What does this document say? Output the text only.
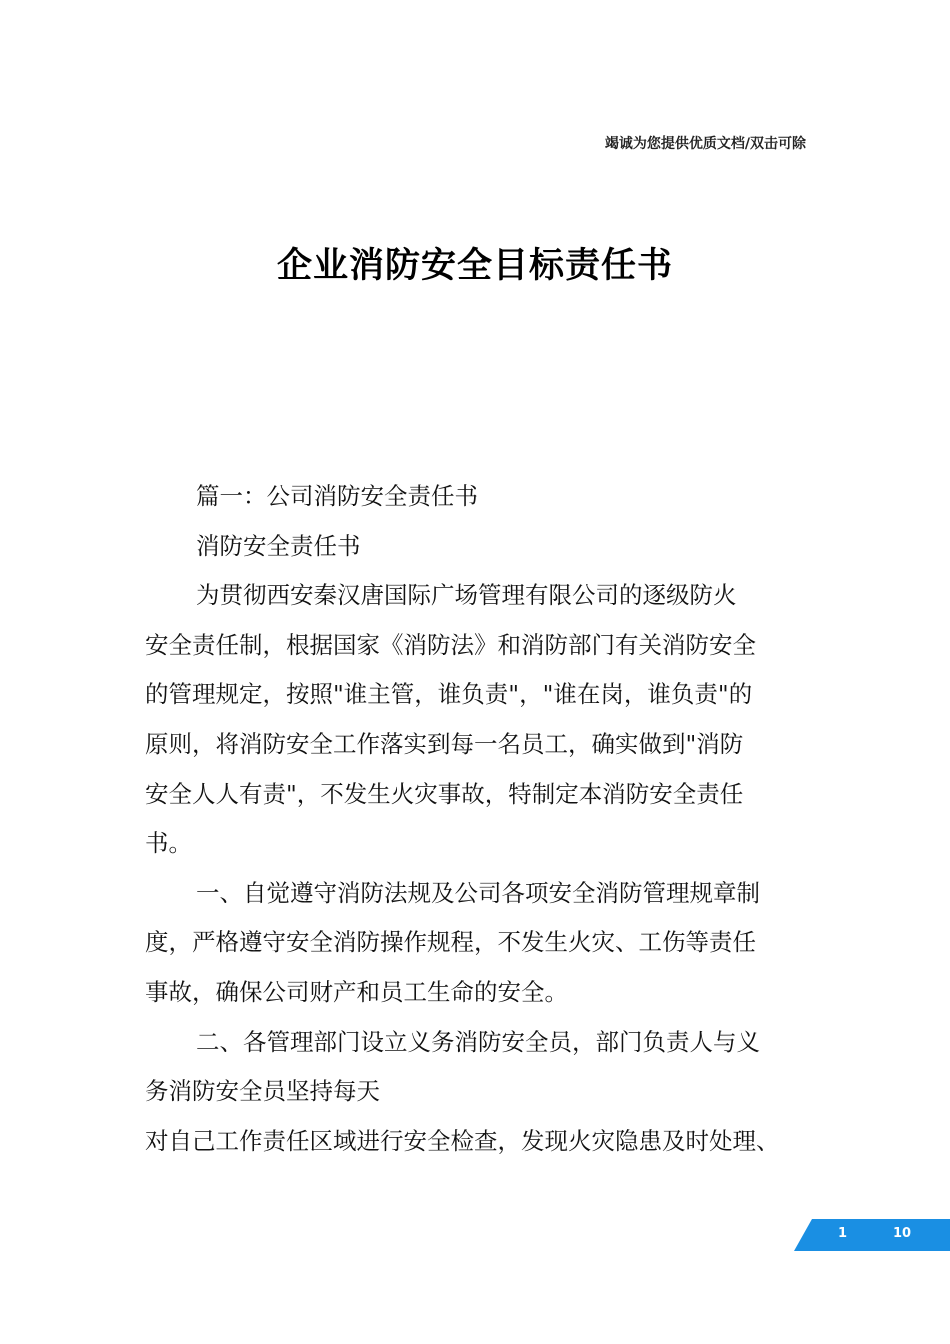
竭诚为您提供优质文档/双击可除
企业消防安全目标责任书
篇一：公司消防安全责任书
消防安全责任书
为贯彻西安秦汉唐国际广场管理有限公司的逐级防火
安全责任制，根据国家《消防法》和消防部门有关消防安全
的管理规定，按照"谁主管，谁负责"，"谁在岗，谁负责"的
原则，将消防安全工作落实到每一名员工，确实做到"消防
安全人人有责"，不发生火灾事故，特制定本消防安全责任
书。
一、自觉遵守消防法规及公司各项安全消防管理规章制
度，严格遵守安全消防操作规程，不发生火灾、工伤等责任
事故，确保公司财产和员工生命的安全。
二、各管理部门设立义务消防安全员，部门负责人与义
务消防安全员坚持每天
对自己工作责任区域进行安全检查，发现火灾隐患及时处理、
1	10
